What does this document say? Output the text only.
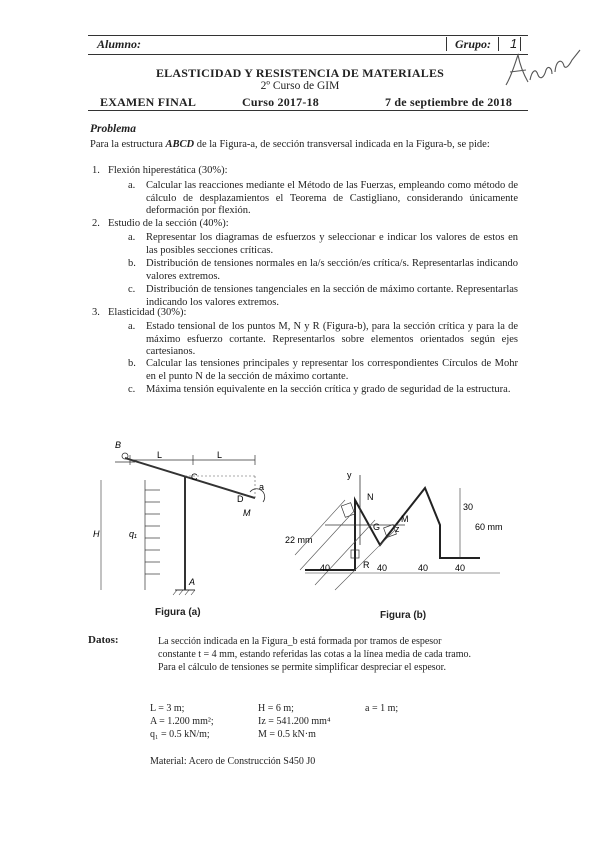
Alumno:	Grupo: 1
ELASTICIDAD Y RESISTENCIA DE MATERIALES
2º Curso de GIM
EXAMEN FINAL	Curso 2017-18	7 de septiembre de 2018
Problema
Para la estructura ABCD de la Figura-a, de sección transversal indicada en la Figura-b, se pide:
1. Flexión hiperestática (30%):
a. Calcular las reacciones mediante el Método de las Fuerzas, empleando como método de cálculo de desplazamientos el Teorema de Castigliano, considerando únicamente deformación por flexión.
2. Estudio de la sección (40%):
a. Representar los diagramas de esfuerzos y seleccionar e indicar los valores de estos en las posibles secciones críticas.
b. Distribución de tensiones normales en la/s sección/es crítica/s. Representarlas indicando valores extremos.
c. Distribución de tensiones tangenciales en la sección de máximo cortante. Representarlas indicando los valores extremos.
3. Elasticidad (30%):
a. Estado tensional de los puntos M, N y R (Figura-b), para la sección crítica y para la de máximo esfuerzo cortante. Representarlos sobre elementos orientados según ejes cartesianos.
b. Calcular las tensiones principales y representar los correspondientes Círculos de Mohr en el punto N de la sección de máximo cortante.
c. Máxima tensión equivalente en la sección crítica y grado de seguridad de la estructura.
L	L
B
C
a
D
M
q₁
H
A
Figura (a)
y
z
N
M
R
G
22 mm
30
60 mm
40	40	40	40
Figura (b)
Datos:	La sección indicada en la Figura_b está formada por tramos de espesor
constante t = 4 mm, estando referidas las cotas a la línea media de cada tramo.
Para el cálculo de tensiones se permite simplificar despreciar el espesor.
L = 3 m;	H = 6 m;	a = 1 m;
A = 1.200 mm²;	Iz = 541.200 mm⁴
q₁ = 0.5 kN/m;	M = 0.5 kN·m
Material: Acero de Construcción S450 J0
